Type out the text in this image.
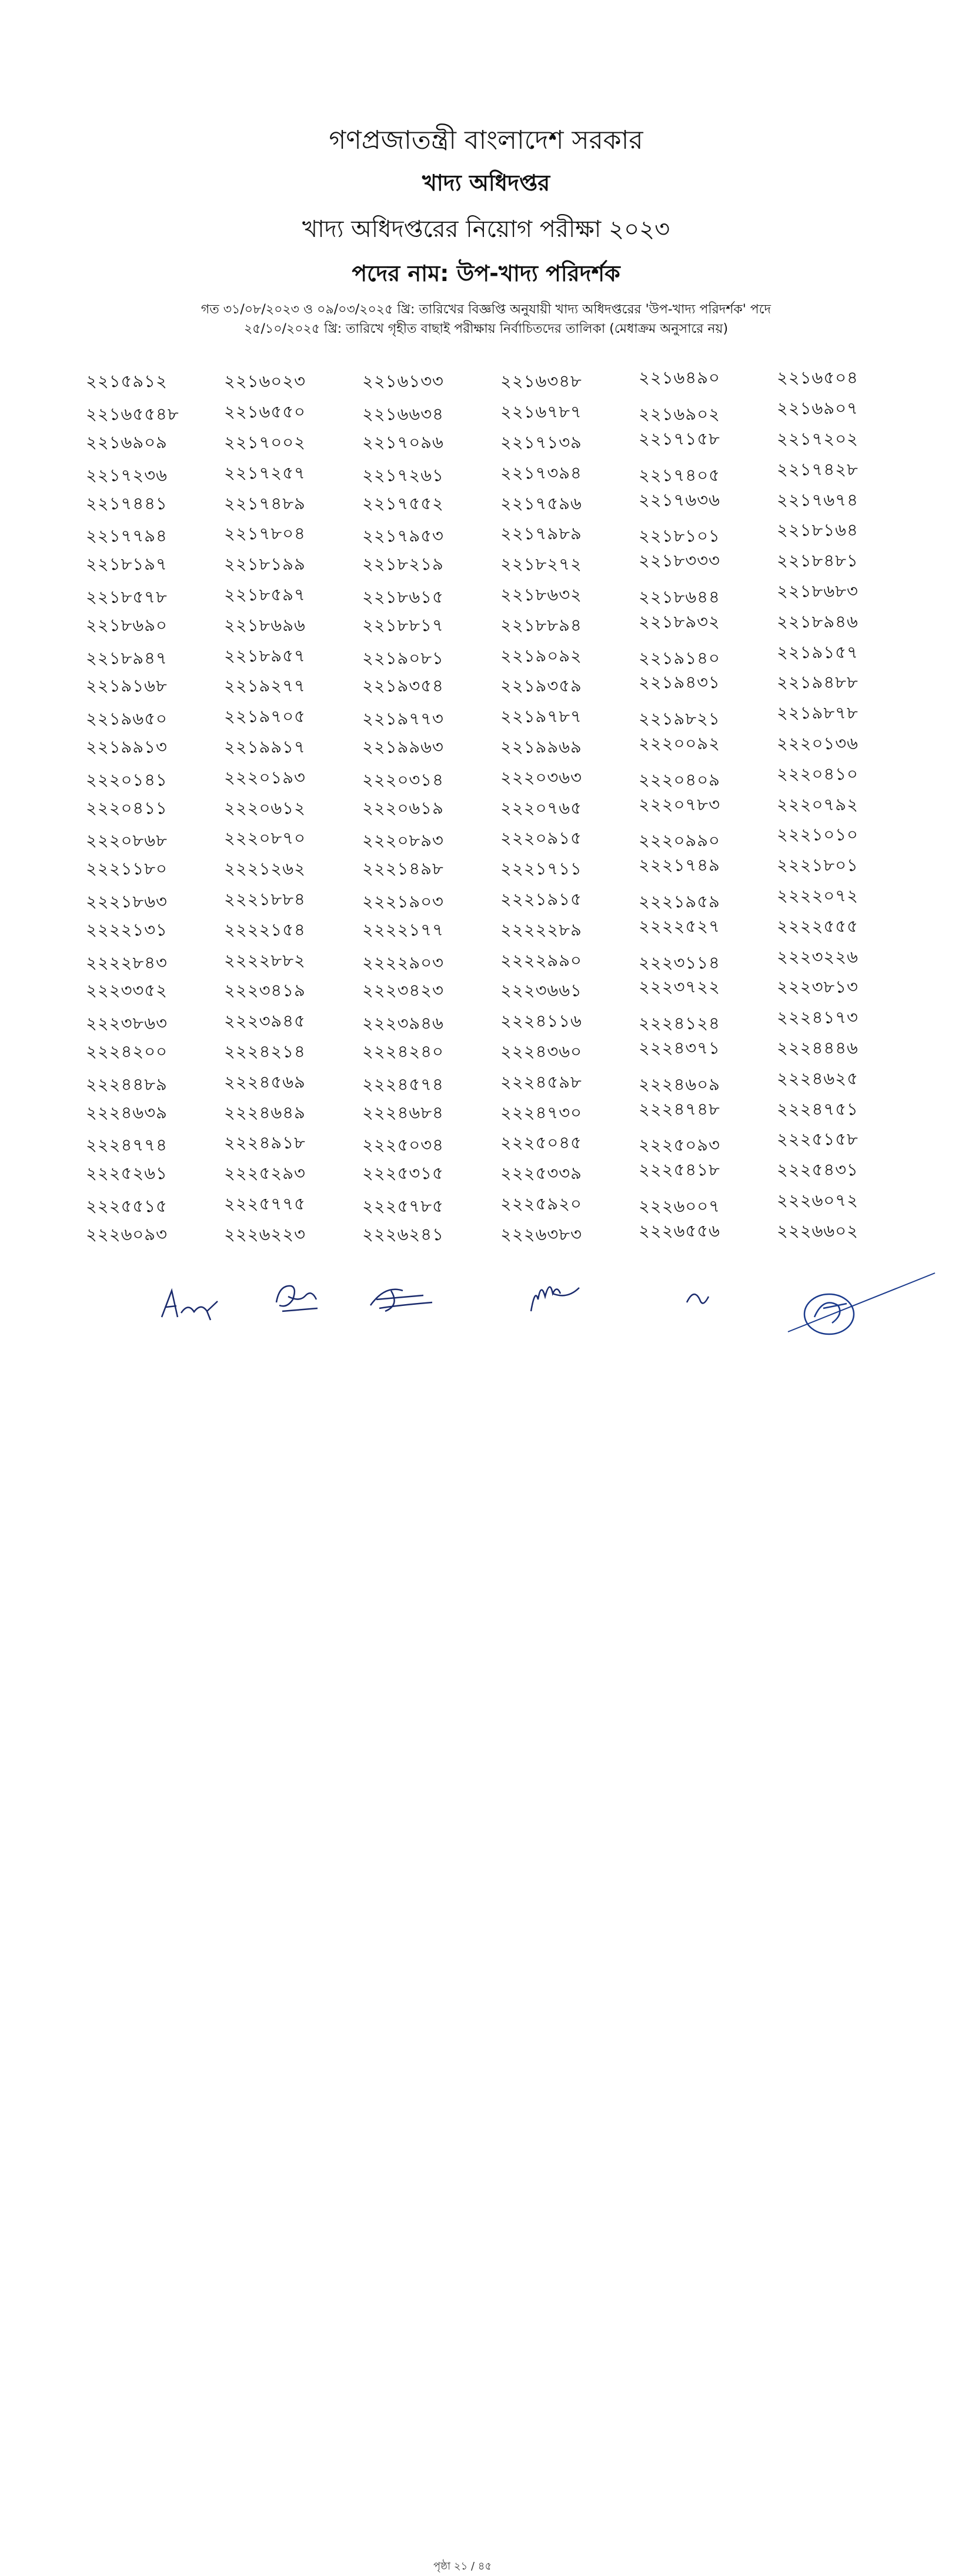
গণপ্রজাতন্ত্রী বাংলাদেশ সরকার
খাদ্য অধিদপ্তর
খাদ্য অধিদপ্তরের নিয়োগ পরীক্ষা ২০২৩
পদের নাম: উপ-খাদ্য পরিদর্শক
গত ৩১/০৮/২০২৩ ও ০৯/০৩/২০২৫ খ্রি: তারিখের বিজ্ঞপ্তি অনুযায়ী খাদ্য অধিদপ্তরের 'উপ-খাদ্য পরিদর্শক' পদে
২৫/১০/২০২৫ খ্রি: তারিখে গৃহীত বাছাই পরীক্ষায় নির্বাচিতদের তালিকা (মেধাক্রম অনুসারে নয়)
২২১৫৯১২	২২১৬০২৩	২২১৬১৩৩	২২১৬৩৪৮	২২১৬৪৯০	২২১৬৫০৪
২২১৬৫৫৪৮	২২১৬৫৫০	২২১৬৬৩৪	২২১৬৭৮৭	২২১৬৯০২	২২১৬৯০৭
২২১৬৯০৯	২২১৭০০২	২২১৭০৯৬	২২১৭১৩৯	২২১৭১৫৮	২২১৭২০২
২২১৭২৩৬	২২১৭২৫৭	২২১৭২৬১	২২১৭৩৯৪	২২১৭৪০৫	২২১৭৪২৮
২২১৭৪৪১	২২১৭৪৮৯	২২১৭৫৫২	২২১৭৫৯৬	২২১৭৬৩৬	২২১৭৬৭৪
২২১৭৭৯৪	২২১৭৮০৪	২২১৭৯৫৩	২২১৭৯৮৯	২২১৮১০১	২২১৮১৬৪
২২১৮১৯৭	২২১৮১৯৯	২২১৮২১৯	২২১৮২৭২	২২১৮৩৩৩	২২১৮৪৮১
২২১৮৫৭৮	২২১৮৫৯৭	২২১৮৬১৫	২২১৮৬৩২	২২১৮৬৪৪	২২১৮৬৮৩
২২১৮৬৯০	২২১৮৬৯৬	২২১৮৮১৭	২২১৮৮৯৪	২২১৮৯৩২	২২১৮৯৪৬
২২১৮৯৪৭	২২১৮৯৫৭	২২১৯০৮১	২২১৯০৯২	২২১৯১৪০	২২১৯১৫৭
২২১৯১৬৮	২২১৯২৭৭	২২১৯৩৫৪	২২১৯৩৫৯	২২১৯৪৩১	২২১৯৪৮৮
২২১৯৬৫০	২২১৯৭০৫	২২১৯৭৭৩	২২১৯৭৮৭	২২১৯৮২১	২২১৯৮৭৮
২২১৯৯১৩	২২১৯৯১৭	২২১৯৯৬৩	২২১৯৯৬৯	২২২০০৯২	২২২০১৩৬
২২২০১৪১	২২২০১৯৩	২২২০৩১৪	২২২০৩৬৩	২২২০৪০৯	২২২০৪১০
২২২০৪১১	২২২০৬১২	২২২০৬১৯	২২২০৭৬৫	২২২০৭৮৩	২২২০৭৯২
২২২০৮৬৮	২২২০৮৭০	২২২০৮৯৩	২২২০৯১৫	২২২০৯৯০	২২২১০১০
২২২১১৮০	২২২১২৬২	২২২১৪৯৮	২২২১৭১১	২২২১৭৪৯	২২২১৮০১
২২২১৮৬৩	২২২১৮৮৪	২২২১৯০৩	২২২১৯১৫	২২২১৯৫৯	২২২২০৭২
২২২২১৩১	২২২২১৫৪	২২২২১৭৭	২২২২২৮৯	২২২২৫২৭	২২২২৫৫৫
২২২২৮৪৩	২২২২৮৮২	২২২২৯০৩	২২২২৯৯০	২২২৩১১৪	২২২৩২২৬
২২২৩৩৫২	২২২৩৪১৯	২২২৩৪২৩	২২২৩৬৬১	২২২৩৭২২	২২২৩৮১৩
২২২৩৮৬৩	২২২৩৯৪৫	২২২৩৯৪৬	২২২৪১১৬	২২২৪১২৪	২২২৪১৭৩
২২২৪২০০	২২২৪২১৪	২২২৪২৪০	২২২৪৩৬০	২২২৪৩৭১	২২২৪৪৪৬
২২২৪৪৮৯	২২২৪৫৬৯	২২২৪৫৭৪	২২২৪৫৯৮	২২২৪৬০৯	২২২৪৬২৫
২২২৪৬৩৯	২২২৪৬৪৯	২২২৪৬৮৪	২২২৪৭৩০	২২২৪৭৪৮	২২২৪৭৫১
২২২৪৭৭৪	২২২৪৯১৮	২২২৫০৩৪	২২২৫০৪৫	২২২৫০৯৩	২২২৫১৫৮
২২২৫২৬১	২২২৫২৯৩	২২২৫৩১৫	২২২৫৩৩৯	২২২৫৪১৮	২২২৫৪৩১
২২২৫৫১৫	২২২৫৭৭৫	২২২৫৭৮৫	২২২৫৯২০	২২২৬০০৭	২২২৬০৭২
২২২৬০৯৩	২২২৬২২৩	২২২৬২৪১	২২২৬৩৮৩	২২২৬৫৫৬	২২২৬৬০২
পৃষ্ঠা ২১ / ৪৫
